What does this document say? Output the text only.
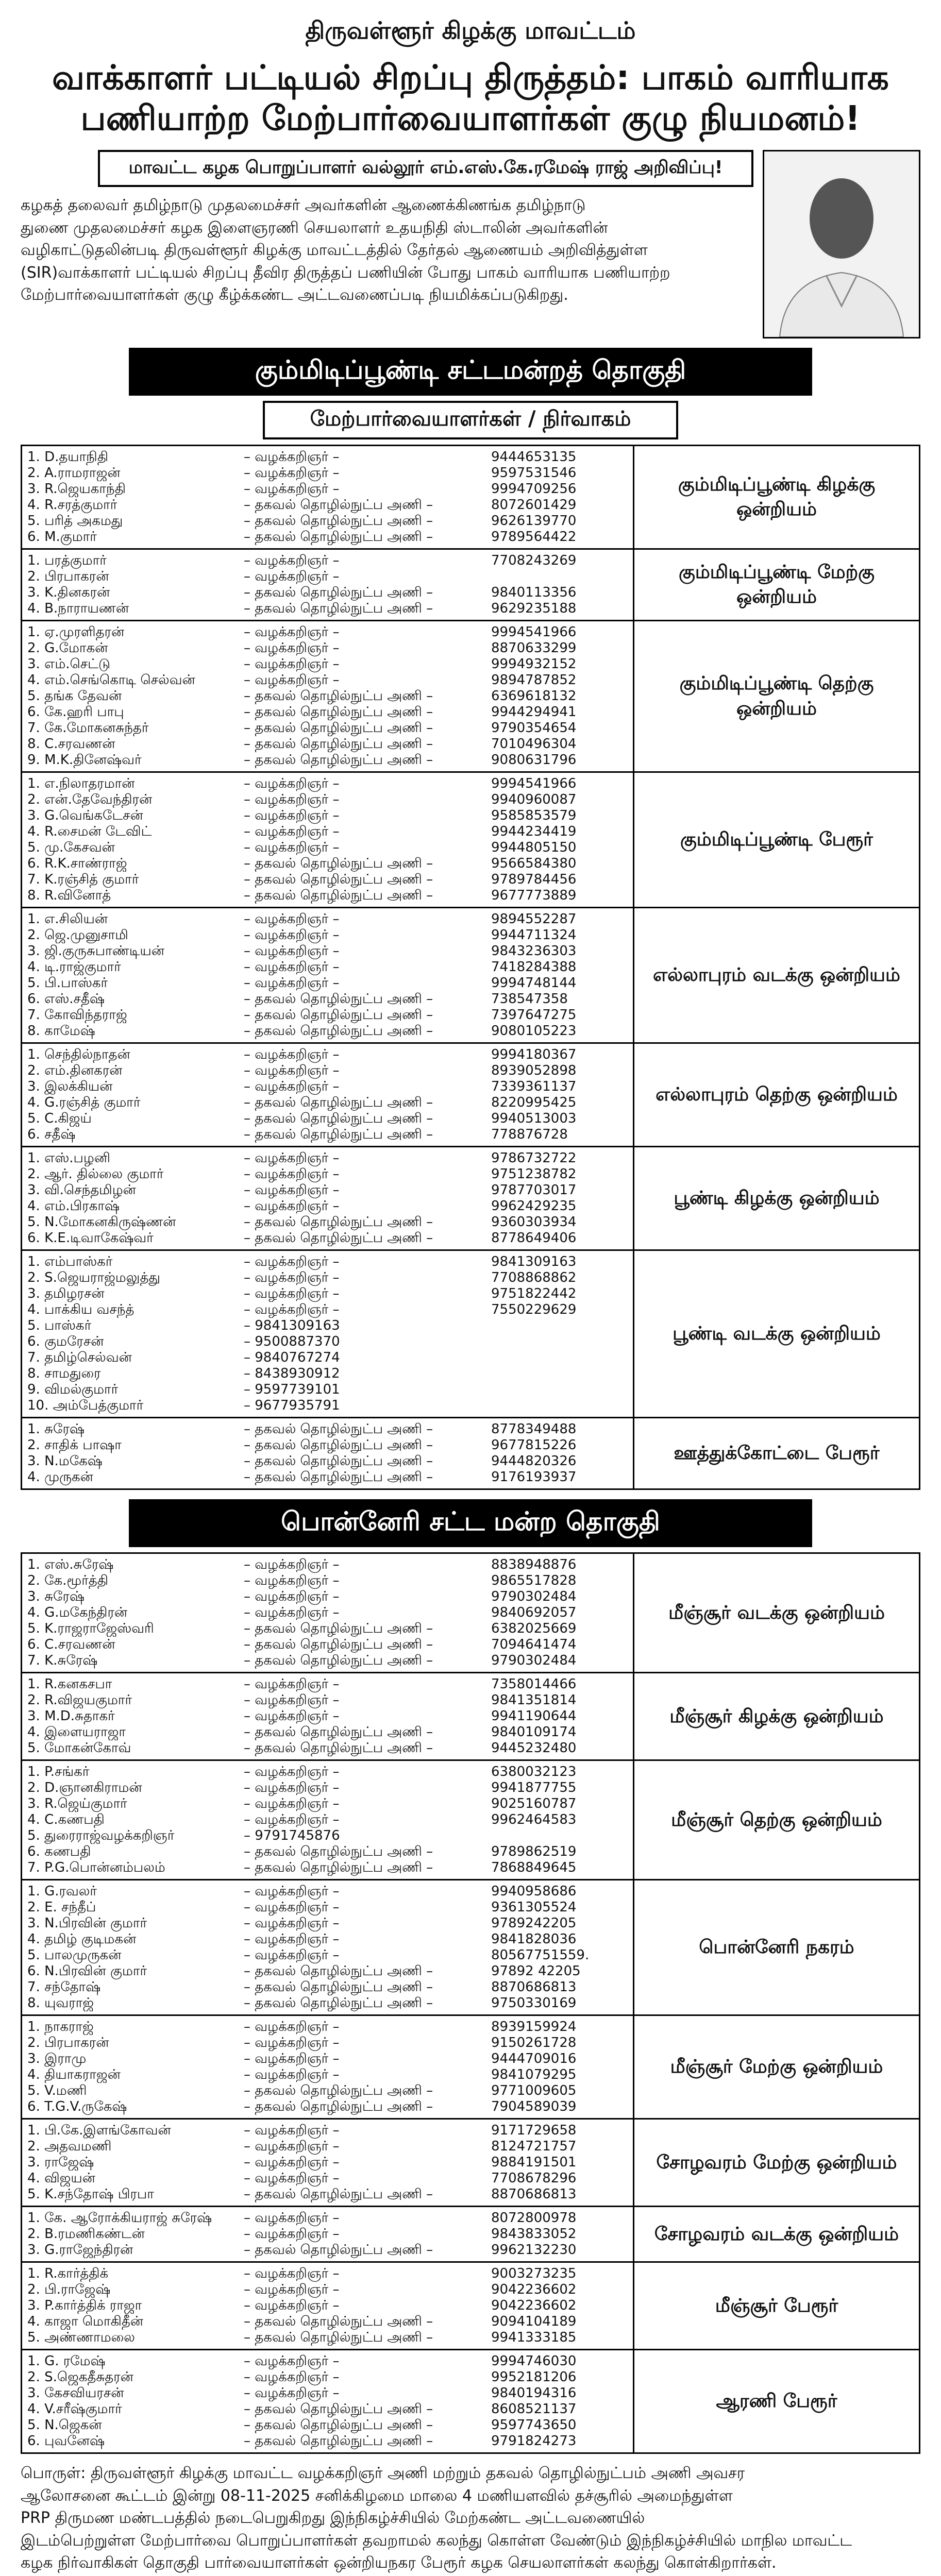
திருவள்ளூர் கிழக்கு மாவட்டம்
வாக்காளர் பட்டியல் சிறப்பு திருத்தம்: பாகம் வாரியாக
பணியாற்ற மேற்பார்வையாளர்கள் குழு நியமனம்!
மாவட்ட கழக பொறுப்பாளர் வல்லூர் எம்.எஸ்.கே.ரமேஷ் ராஜ் அறிவிப்பு!
கழகத் தலைவர் தமிழ்நாடு முதலமைச்சர் அவர்களின் ஆணைக்கிணங்க தமிழ்நாடு
துணை முதலமைச்சர் கழக இளைஞரணி செயலாளர் உதயநிதி ஸ்டாலின் அவர்களின்
வழிகாட்டுதலின்படி திருவள்ளூர் கிழக்கு மாவட்டத்தில் தேர்தல் ஆணையம் அறிவித்துள்ள
(SIR)வாக்காளர் பட்டியல் சிறப்பு தீவிர திருத்தப் பணியின் போது பாகம் வாரியாக பணியாற்ற
மேற்பார்வையாளர்கள் குழு கீழ்க்கண்ட அட்டவணைப்படி நியமிக்கப்படுகிறது.
கும்மிடிப்பூண்டி சட்டமன்றத் தொகுதி
மேற்பார்வையாளர்கள் / நிர்வாகம்
1. D.தயாநிதி	– வழக்கறிஞர் –	9444653135
2. A.ராமராஜன்	– வழக்கறிஞர் –	9597531546
3. R.ஜெயகாந்தி	– வழக்கறிஞர் –	9994709256
4. R.சரத்குமார்	– தகவல் தொழில்நுட்ப அணி –	8072601429
5. பரித் அகமது	– தகவல் தொழில்நுட்ப அணி –	9626139770
6. M.குமார்	– தகவல் தொழில்நுட்ப அணி –	9789564422
கும்மிடிப்பூண்டி கிழக்கு ஒன்றியம்
1. பரத்குமார்	– வழக்கறிஞர் –	7708243269
2. பிரபாகரன்	– வழக்கறிஞர் –
3. K.தினகரன்	– தகவல் தொழில்நுட்ப அணி –	9840113356
4. B.நாராயணன்	– தகவல் தொழில்நுட்ப அணி –	9629235188
கும்மிடிப்பூண்டி மேற்கு ஒன்றியம்
1. ஏ.முரளிதரன்	– வழக்கறிஞர் –	9994541966
2. G.மோகன்	– வழக்கறிஞர் –	8870633299
3. எம்.செட்டு	– வழக்கறிஞர் –	9994932152
4. எம்.செங்கொடி செல்வன்	– வழக்கறிஞர் –	9894787852
5. தங்க தேவன்	– தகவல் தொழில்நுட்ப அணி –	6369618132
6. கே.ஹரி பாபு	– தகவல் தொழில்நுட்ப அணி –	9944294941
7. கே.மோகனசுந்தர்	– தகவல் தொழில்நுட்ப அணி –	9790354654
8. C.சரவணன்	– தகவல் தொழில்நுட்ப அணி –	7010496304
9. M.K.தினேஷ்வர்	– தகவல் தொழில்நுட்ப அணி –	9080631796
கும்மிடிப்பூண்டி தெற்கு ஒன்றியம்
1. எ.நிலாதரமான்	– வழக்கறிஞர் –	9994541966
2. என்.தேவேந்திரன்	– வழக்கறிஞர் –	9940960087
3. G.வெங்கடேசன்	– வழக்கறிஞர் –	9585853579
4. R.சைமன் டேவிட்	– வழக்கறிஞர் –	9944234419
5. மு.கேசவன்	– வழக்கறிஞர் –	9944805150
6. R.K.சாண்ராஜ்	– தகவல் தொழில்நுட்ப அணி –	9566584380
7. K.ரஞ்சித் குமார்	– தகவல் தொழில்நுட்ப அணி –	9789784456
8. R.வினோத்	– தகவல் தொழில்நுட்ப அணி –	9677773889
கும்மிடிப்பூண்டி பேரூர்
1. எ.சிலியன்	– வழக்கறிஞர் –	9894552287
2. ஜெ.முனுசாமி	– வழக்கறிஞர் –	9944711324
3. ஜி.குருசுபாண்டியன்	– வழக்கறிஞர் –	9843236303
4. டி.ராஜ்குமார்	– வழக்கறிஞர் –	7418284388
5. பி.பாஸ்கர்	– வழக்கறிஞர் –	9994748144
6. எஸ்.சதீஷ்	– தகவல் தொழில்நுட்ப அணி –	738547358
7. கோவிந்தராஜ்	– தகவல் தொழில்நுட்ப அணி –	7397647275
8. காமேஷ்	– தகவல் தொழில்நுட்ப அணி –	9080105223
எல்லாபுரம் வடக்கு ஒன்றியம்
1. செந்தில்நாதன்	– வழக்கறிஞர் –	9994180367
2. எம்.தினகரன்	– வழக்கறிஞர் –	8939052898
3. இலக்கியன்	– வழக்கறிஞர் –	7339361137
4. G.ரஞ்சித் குமார்	– தகவல் தொழில்நுட்ப அணி –	8220995425
5. C.கிஜய்	– தகவல் தொழில்நுட்ப அணி –	9940513003
6. சதீஷ்	– தகவல் தொழில்நுட்ப அணி –	778876728
எல்லாபுரம் தெற்கு ஒன்றியம்
1. எஸ்.பழனி	– வழக்கறிஞர் –	9786732722
2. ஆர். தில்லை குமார்	– வழக்கறிஞர் –	9751238782
3. வி.செந்தமிழன்	– வழக்கறிஞர் –	9787703017
4. எம்.பிரகாஷ்	– வழக்கறிஞர் –	9962429235
5. N.மோகனகிருஷ்ணன்	– தகவல் தொழில்நுட்ப அணி –	9360303934
6. K.E.டிவாகேஷ்வர்	– தகவல் தொழில்நுட்ப அணி –	8778649406
பூண்டி கிழக்கு ஒன்றியம்
1. எம்பாஸ்கர்	– வழக்கறிஞர் –	9841309163
2. S.ஜெயராஜ்மலுத்து	– வழக்கறிஞர் –	7708868862
3. தமிழரசன்	– வழக்கறிஞர் –	9751822442
4. பாக்கிய வசந்த்	– வழக்கறிஞர் –	7550229629
5. பாஸ்கர்	– 9841309163
6. குமரேசன்	– 9500887370
7. தமிழ்செல்வன்	– 9840767274
8. சாமதுரை	– 8438930912
9. விமல்குமார்	– 9597739101
10. அம்பேத்குமார்	– 9677935791
பூண்டி வடக்கு ஒன்றியம்
1. சுரேஷ்	– தகவல் தொழில்நுட்ப அணி –	8778349488
2. சாதிக் பாஷா	– தகவல் தொழில்நுட்ப அணி –	9677815226
3. N.மகேஷ்	– தகவல் தொழில்நுட்ப அணி –	9444820326
4. முருகன்	– தகவல் தொழில்நுட்ப அணி –	9176193937
ஊத்துக்கோட்டை பேரூர்
பொன்னேரி சட்ட மன்ற தொகுதி
1. எஸ்.சுரேஷ்	– வழக்கறிஞர் –	8838948876
2. கே.மூர்த்தி	– வழக்கறிஞர் –	9865517828
3. சுரேஷ்	– வழக்கறிஞர் –	9790302484
4. G.மகேந்திரன்	– வழக்கறிஞர் –	9840692057
5. K.ராஜராஜேஸ்வரி	– தகவல் தொழில்நுட்ப அணி –	6382025669
6. C.சரவணன்	– தகவல் தொழில்நுட்ப அணி –	7094641474
7. K.சுரேஷ்	– தகவல் தொழில்நுட்ப அணி –	9790302484
மீஞ்சூர் வடக்கு ஒன்றியம்
1. R.கனகசபா	– வழக்கறிஞர் –	7358014466
2. R.விஜயகுமார்	– வழக்கறிஞர் –	9841351814
3. M.D.சுதாகர்	– வழக்கறிஞர் –	9941190644
4. இளையராஜா	– தகவல் தொழில்நுட்ப அணி –	9840109174
5. மோகன்கோவ்	– தகவல் தொழில்நுட்ப அணி –	9445232480
மீஞ்சூர் கிழக்கு ஒன்றியம்
1. P.சங்கர்	– வழக்கறிஞர் –	6380032123
2. D.ஞானகிராமன்	– வழக்கறிஞர் –	9941877755
3. R.ஜெய்குமார்	– வழக்கறிஞர் –	9025160787
4. C.கணபதி	– வழக்கறிஞர் –	9962464583
5. துரைராஜ்வழக்கறிஞர்	– 9791745876
6. கணபதி	– தகவல் தொழில்நுட்ப அணி –	9789862519
7. P.G.பொன்னம்பலம்	– தகவல் தொழில்நுட்ப அணி –	7868849645
மீஞ்சூர் தெற்கு ஒன்றியம்
1. G.ரவலர்	– வழக்கறிஞர் –	9940958686
2. E. சந்தீப்	– வழக்கறிஞர் –	9361305524
3. N.பிரவின் குமார்	– வழக்கறிஞர் –	9789242205
4. தமிழ் குடிமகன்	– வழக்கறிஞர் –	9841828036
5. பாலமுருகன்	– வழக்கறிஞர் –	80567751559.
6. N.பிரவின் குமார்	– தகவல் தொழில்நுட்ப அணி –	97892 42205
7. சந்தோஷ்	– தகவல் தொழில்நுட்ப அணி –	8870686813
8. யுவராஜ்	– தகவல் தொழில்நுட்ப அணி –	9750330169
பொன்னேரி நகரம்
1. நாகராஜ்	– வழக்கறிஞர் –	8939159924
2. பிரபாகரன்	– வழக்கறிஞர் –	9150261728
3. இராமு	– வழக்கறிஞர் –	9444709016
4. தியாகராஜன்	– வழக்கறிஞர் –	9841079295
5. V.மணி	– தகவல் தொழில்நுட்ப அணி –	9771009605
6. T.G.V.ருகேஷ்	– தகவல் தொழில்நுட்ப அணி –	7904589039
மீஞ்சூர் மேற்கு ஒன்றியம்
1. பி.கே.இளங்கோவன்	– வழக்கறிஞர் –	9171729658
2. அதவமணி	– வழக்கறிஞர் –	8124721757
3. ராஜேஷ்	– வழக்கறிஞர் –	9884191501
4. விஜயன்	– வழக்கறிஞர் –	7708678296
5. K.சந்தோஷ் பிரபா	– தகவல் தொழில்நுட்ப அணி –	8870686813
சோழவரம் மேற்கு ஒன்றியம்
1. கே. ஆரோக்கியராஜ் சுரேஷ்	– வழக்கறிஞர் –	8072800978
2. B.ரமணிகண்டன்	– வழக்கறிஞர் –	9843833052
3. G.ராஜேந்திரன்	– தகவல் தொழில்நுட்ப அணி –	9962132230
சோழவரம் வடக்கு ஒன்றியம்
1. R.கார்த்திக்	– வழக்கறிஞர் –	9003273235
2. பி.ராஜேஷ்	– வழக்கறிஞர் –	9042236602
3. P.கார்த்திக் ராஜா	– வழக்கறிஞர் –	9042236602
4. காஜா மொகிதீன்	– தகவல் தொழில்நுட்ப அணி –	9094104189
5. அண்ணாமலை	– தகவல் தொழில்நுட்ப அணி –	9941333185
மீஞ்சூர் பேரூர்
1. G. ரமேஷ்	– வழக்கறிஞர் –	9994746030
2. S.ஜெகதீசுதரன்	– வழக்கறிஞர் –	9952181206
3. கேசவியரசன்	– வழக்கறிஞர் –	9840194316
4. V.சரீஷ்குமார்	– தகவல் தொழில்நுட்ப அணி –	8608521137
5. N.ஜெகன்	– தகவல் தொழில்நுட்ப அணி –	9597743650
6. புவனேஷ்	– தகவல் தொழில்நுட்ப அணி –	9791824273
ஆரணி பேரூர்
பொருள்: திருவள்ளூர் கிழக்கு மாவட்ட வழக்கறிஞர் அணி மற்றும் தகவல் தொழில்நுட்பம் அணி அவசர
ஆலோசனை கூட்டம் இன்று 08-11-2025 சனிக்கிழமை மாலை 4 மணியளவில் தச்சூரில் அமைந்துள்ள
PRP திருமண மண்டபத்தில் நடைபெறுகிறது இந்நிகழ்ச்சியில் மேற்கண்ட அட்டவணையில்
இடம்பெற்றுள்ள மேற்பார்வை பொறுப்பாளர்கள் தவறாமல் கலந்து கொள்ள வேண்டும் இந்நிகழ்ச்சியில் மாநில மாவட்ட
கழக நிர்வாகிகள் தொகுதி பார்வையாளர்கள் ஒன்றியநகர பேரூர் கழக செயலாளர்கள் கலந்து கொள்கிறார்கள்.
